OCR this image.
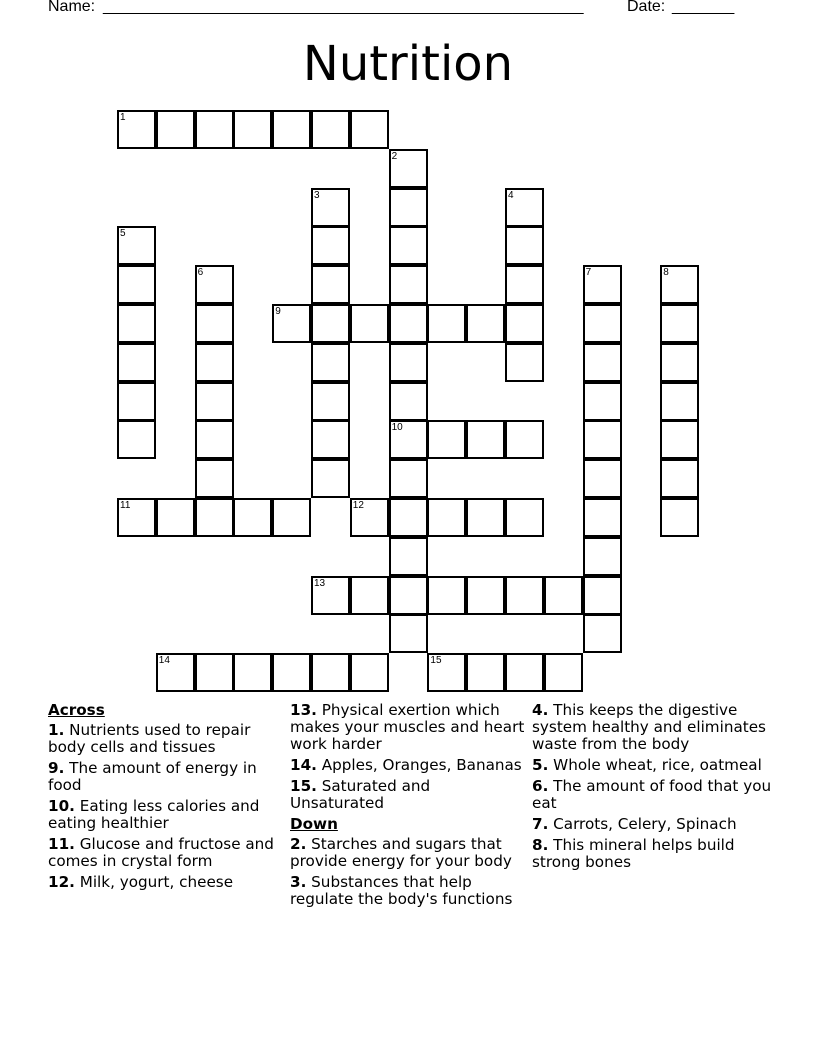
Name: ______________________________________________________	Date: _______
Nutrition
1
2
3	4
5
6	7	8
9
10
11	12
13
14	15
Across
1. Nutrients used to repair body cells and tissues
9. The amount of energy in food
10. Eating less calories and eating healthier
11. Glucose and fructose and comes in crystal form
12. Milk, yogurt, cheese
13. Physical exertion which makes your muscles and heart work harder
14. Apples, Oranges, Bananas
15. Saturated and Unsaturated
Down
2. Starches and sugars that provide energy for your body
3. Substances that help regulate the body's functions
4. This keeps the digestive system healthy and eliminates waste from the body
5. Whole wheat, rice, oatmeal
6. The amount of food that you eat
7. Carrots, Celery, Spinach
8. This mineral helps build strong bones
